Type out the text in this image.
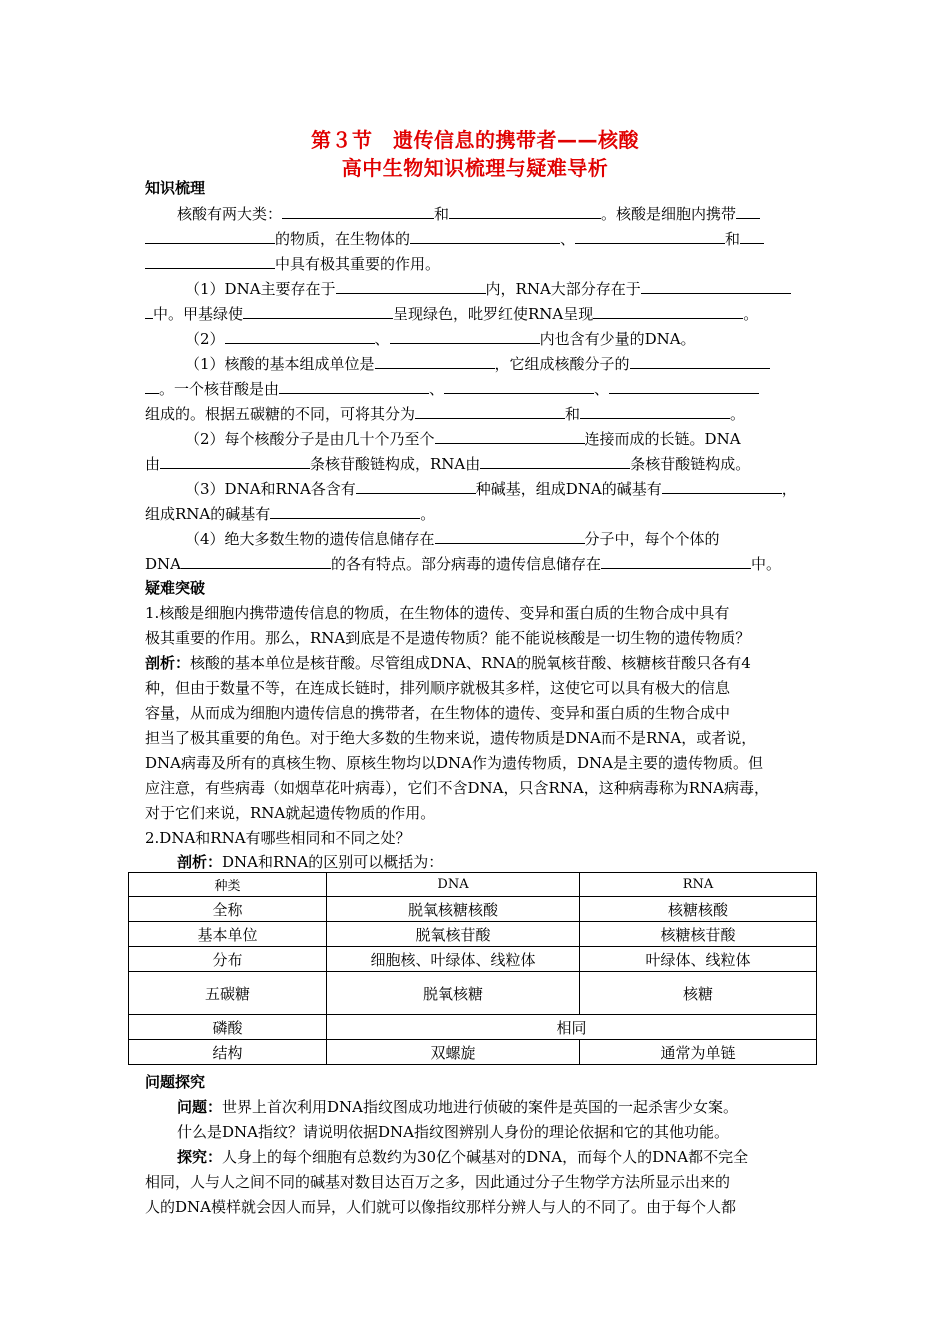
第３节　遗传信息的携带者——核酸
高中生物知识梳理与疑难导析
知识梳理
核酸有两大类：	和	。核酸是细胞内携带
的物质，在生物体的	、	和
中具有极其重要的作用。
（1）DNA主要存在于	内，RNA大部分存在于
中。甲基绿使	呈现绿色，吡罗红使RNA呈现	。
（2）	、	内也含有少量的DNA。
（1）核酸的基本组成单位是	，它组成核酸分子的
。一个核苷酸是由	、	、
组成的。根据五碳糖的不同，可将其分为	和	。
（2）每个核酸分子是由几十个乃至个	连接而成的长链。DNA
由	条核苷酸链构成，RNA由	条核苷酸链构成。
（3）DNA和RNA各含有	种碱基，组成DNA的碱基有	，
组成RNA的碱基有	。
（4）绝大多数生物的遗传信息储存在	分子中，每个个体的
DNA	的各有特点。部分病毒的遗传信息储存在	中。
疑难突破
1.核酸是细胞内携带遗传信息的物质，在生物体的遗传、变异和蛋白质的生物合成中具有
极其重要的作用。那么，RNA到底是不是遗传物质？能不能说核酸是一切生物的遗传物质？
剖析：核酸的基本单位是核苷酸。尽管组成DNA、RNA的脱氧核苷酸、核糖核苷酸只各有4
种，但由于数量不等，在连成长链时，排列顺序就极其多样，这使它可以具有极大的信息
容量，从而成为细胞内遗传信息的携带者，在生物体的遗传、变异和蛋白质的生物合成中
担当了极其重要的角色。对于绝大多数的生物来说，遗传物质是DNA而不是RNA，或者说，
DNA病毒及所有的真核生物、原核生物均以DNA作为遗传物质，DNA是主要的遗传物质。但
应注意，有些病毒（如烟草花叶病毒），它们不含DNA，只含RNA，这种病毒称为RNA病毒，
对于它们来说，RNA就起遗传物质的作用。
2.DNA和RNA有哪些相同和不同之处？
剖析：DNA和RNA的区别可以概括为：
种类	DNA	RNA
全称	脱氧核糖核酸	核糖核酸
基本单位	脱氧核苷酸	核糖核苷酸
分布	细胞核、叶绿体、线粒体	叶绿体、线粒体
五碳糖	脱氧核糖	核糖
磷酸	相同	
结构	双螺旋	通常为单链
问题探究
问题：世界上首次利用DNA指纹图成功地进行侦破的案件是英国的一起杀害少女案。
什么是DNA指纹？请说明依据DNA指纹图辨别人身份的理论依据和它的其他功能。
探究：人身上的每个细胞有总数约为30亿个碱基对的DNA，而每个人的DNA都不完全
相同，人与人之间不同的碱基对数目达百万之多，因此通过分子生物学方法所显示出来的
人的DNA模样就会因人而异，人们就可以像指纹那样分辨人与人的不同了。由于每个人都
